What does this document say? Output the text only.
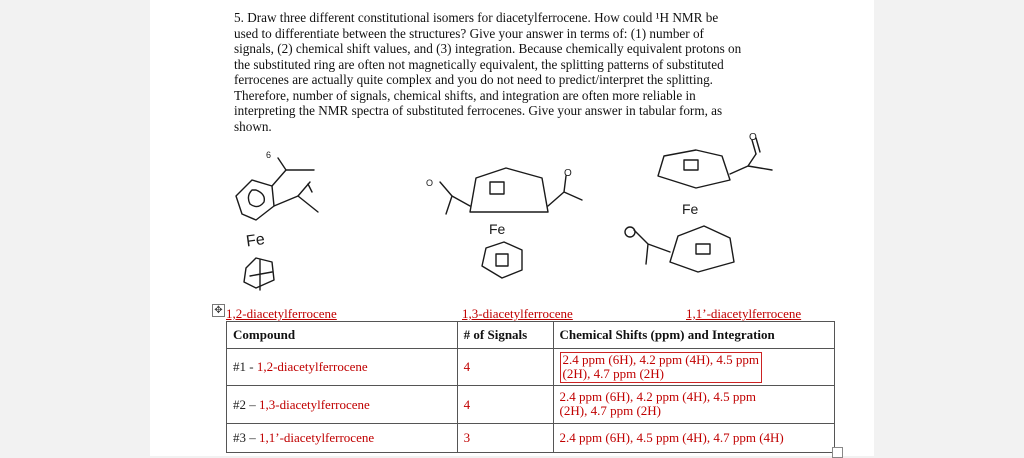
5. Draw three different constitutional isomers for diacetylferrocene. How could ¹H NMR be
used to differentiate between the structures? Give your answer in terms of: (1) number of
signals, (2) chemical shift values, and (3) integration. Because chemically equivalent protons on
the substituted ring are often not magnetically equivalent, the splitting patterns of substituted
ferrocenes are actually quite complex and you do not need to predict/interpret the splitting.
Therefore, number of signals, chemical shifts, and integration are often more reliable in
interpreting the NMR spectra of substituted ferrocenes. Give your answer in tabular form, as
shown.

6
Fe
O
O
Fe
O
Fe
✥ 1,2-diacetylferrocene	1,3-diacetylferrocene	1,1’-diacetylferrocene
Compound	# of Signals	Chemical Shifts (ppm) and Integration
#1 - 1,2-diacetylferrocene	4	2.4 ppm (6H), 4.2 ppm (4H), 4.5 ppm
(2H), 4.7 ppm (2H)
#2 – 1,3-diacetylferrocene	4	2.4 ppm (6H), 4.2 ppm (4H), 4.5 ppm
(2H), 4.7 ppm (2H)
#3 – 1,1’-diacetylferrocene	3	2.4 ppm (6H), 4.5 ppm (4H), 4.7 ppm (4H)
